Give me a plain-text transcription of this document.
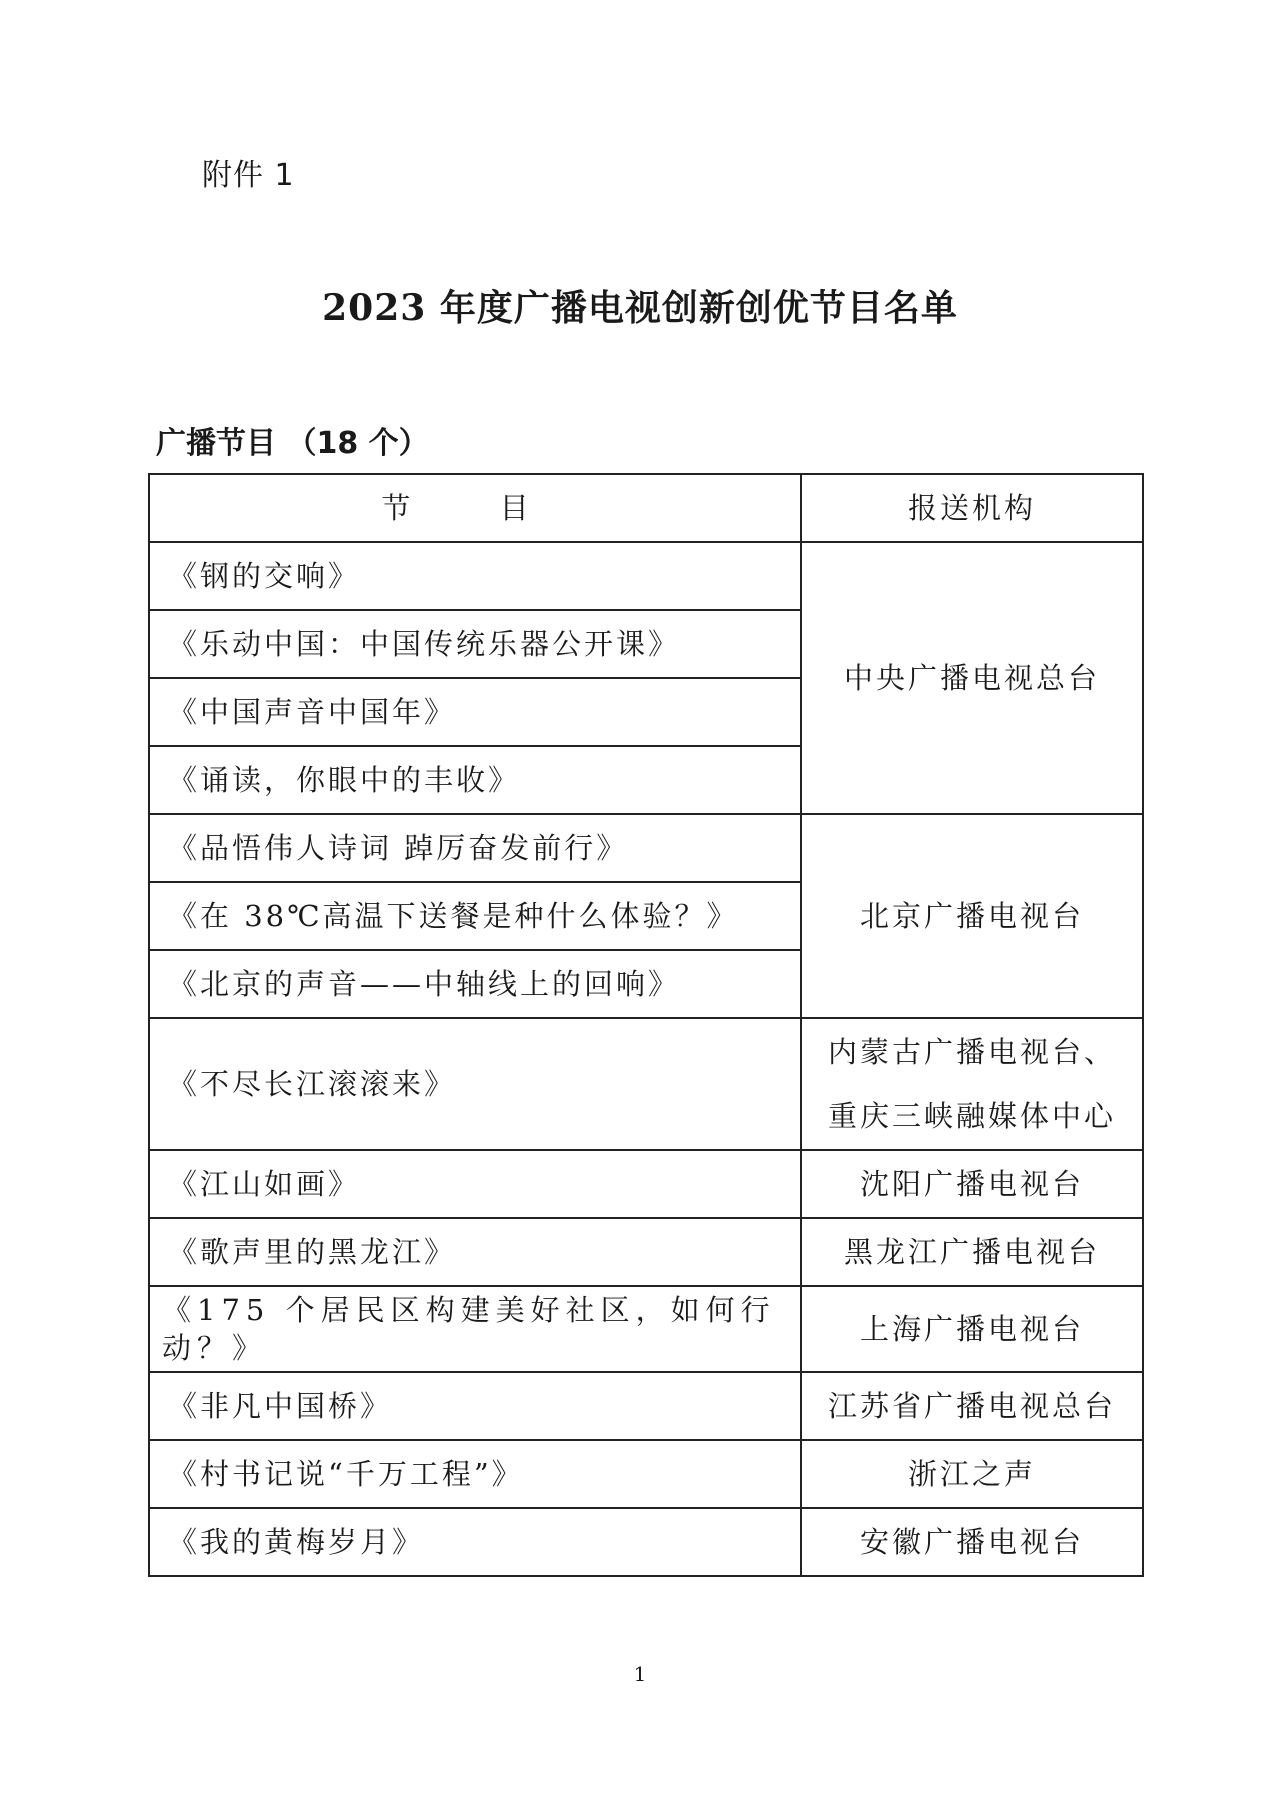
附件 1
2023 年度广播电视创新创优节目名单
广播节目 （18 个）
节 目	报送机构
《钢的交响》	中央广播电视总台
《乐动中国：中国传统乐器公开课》	
《中国声音中国年》	
《诵读，你眼中的丰收》	
《品悟伟人诗词 踔厉奋发前行》	北京广播电视台
《在 38℃高温下送餐是种什么体验？》	
《北京的声音——中轴线上的回响》	
《不尽长江滚滚来》	内蒙古广播电视台、
重庆三峡融媒体中心

《江山如画》	沈阳广播电视台
《歌声里的黑龙江》	黑龙江广播电视台
《175 个居民区构建美好社区，如何行动？》	上海广播电视台
《非凡中国桥》	江苏省广播电视总台
《村书记说“千万工程”》	浙江之声
《我的黄梅岁月》	安徽广播电视台
1
